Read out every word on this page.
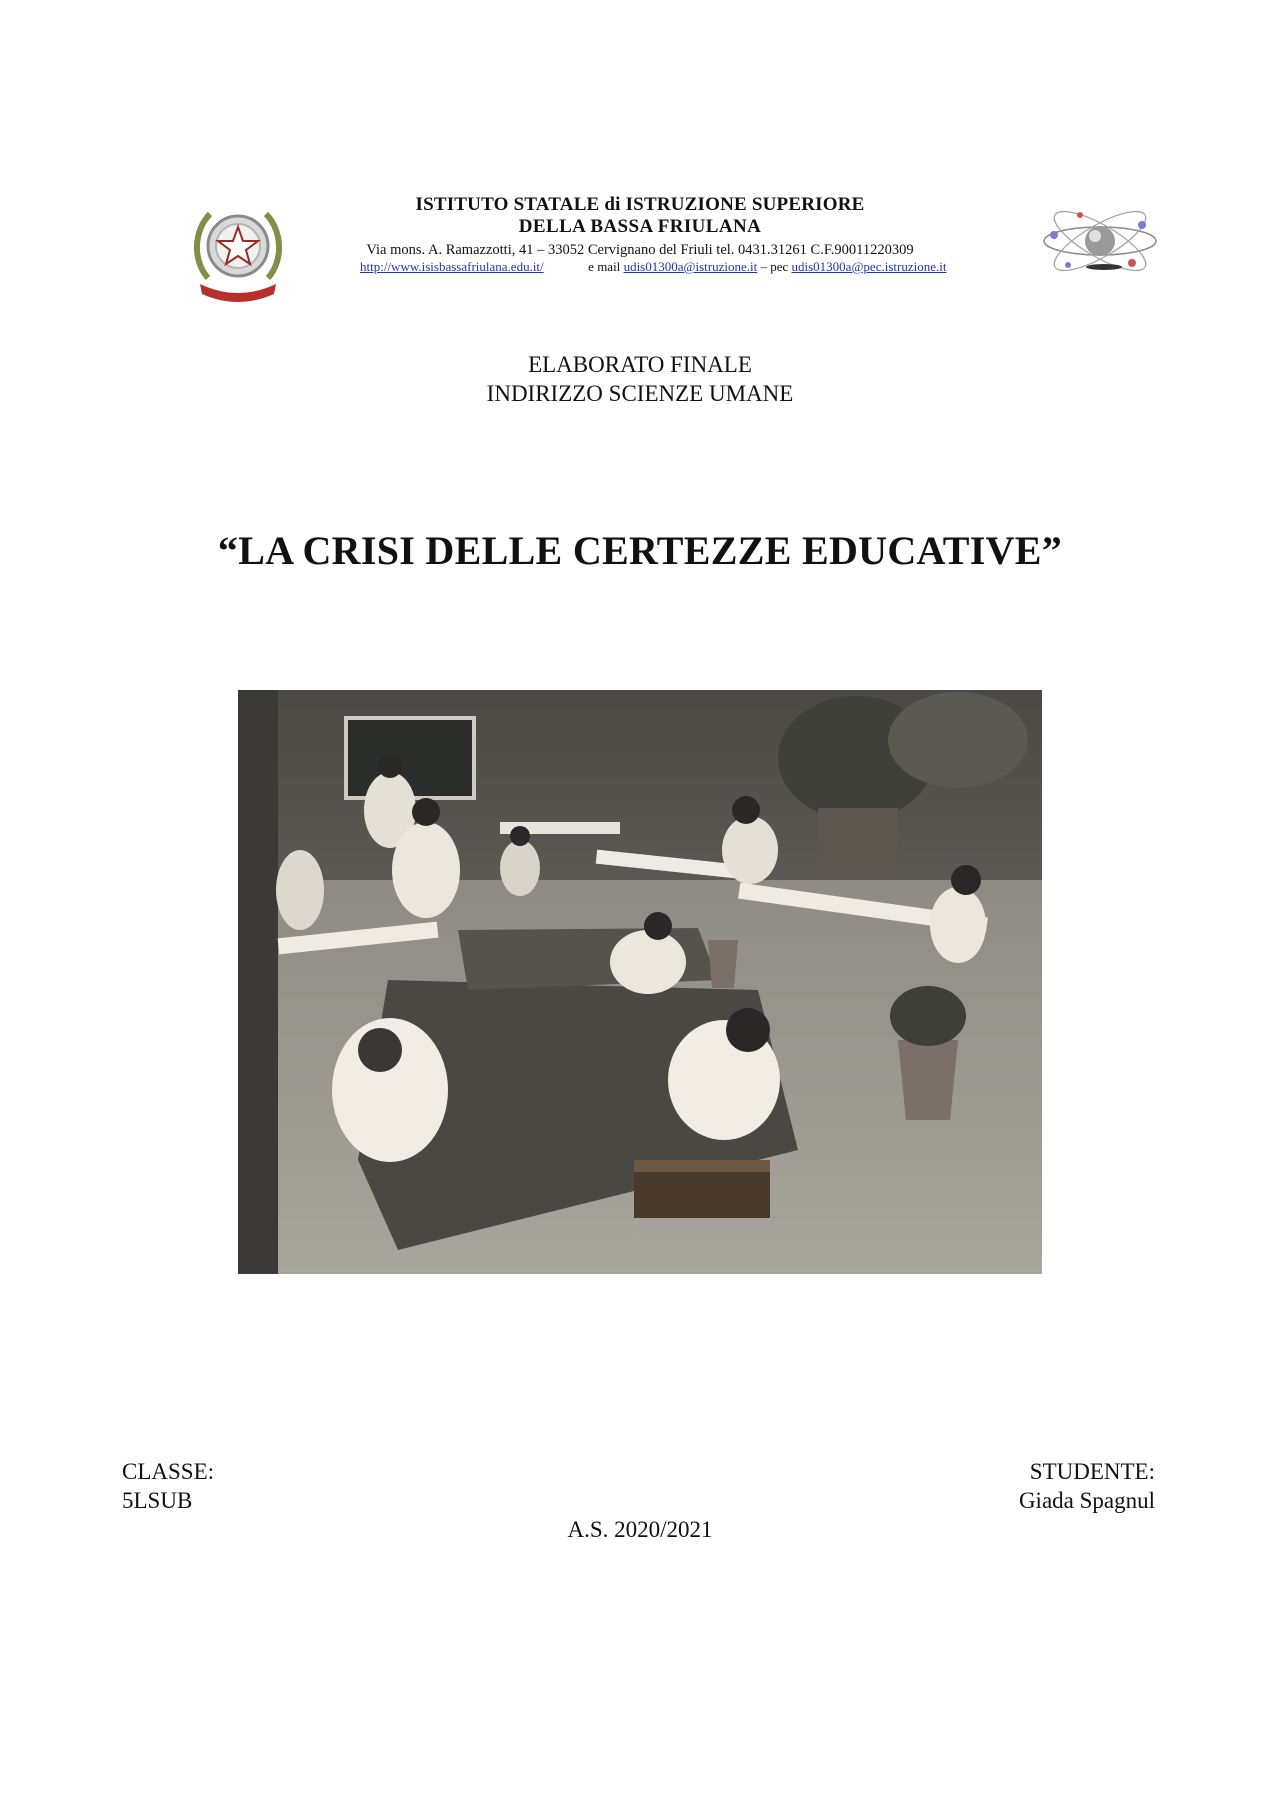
ISTITUTO STATALE di ISTRUZIONE SUPERIORE
DELLA BASSA FRIULANA
Via mons. A. Ramazzotti, 41 – 33052 Cervignano del Friuli tel. 0431.31261 C.F.90011220309
http://www.isisbassafriulana.edu.it/	e mail udis01300a@istruzione.it – pec udis01300a@pec.istruzione.it
ELABORATO FINALE
INDIRIZZO SCIENZE UMANE
“LA CRISI DELLE CERTEZZE EDUCATIVE”
CLASSE:
5LSUB
STUDENTE:
Giada Spagnul
A.S. 2020/2021
